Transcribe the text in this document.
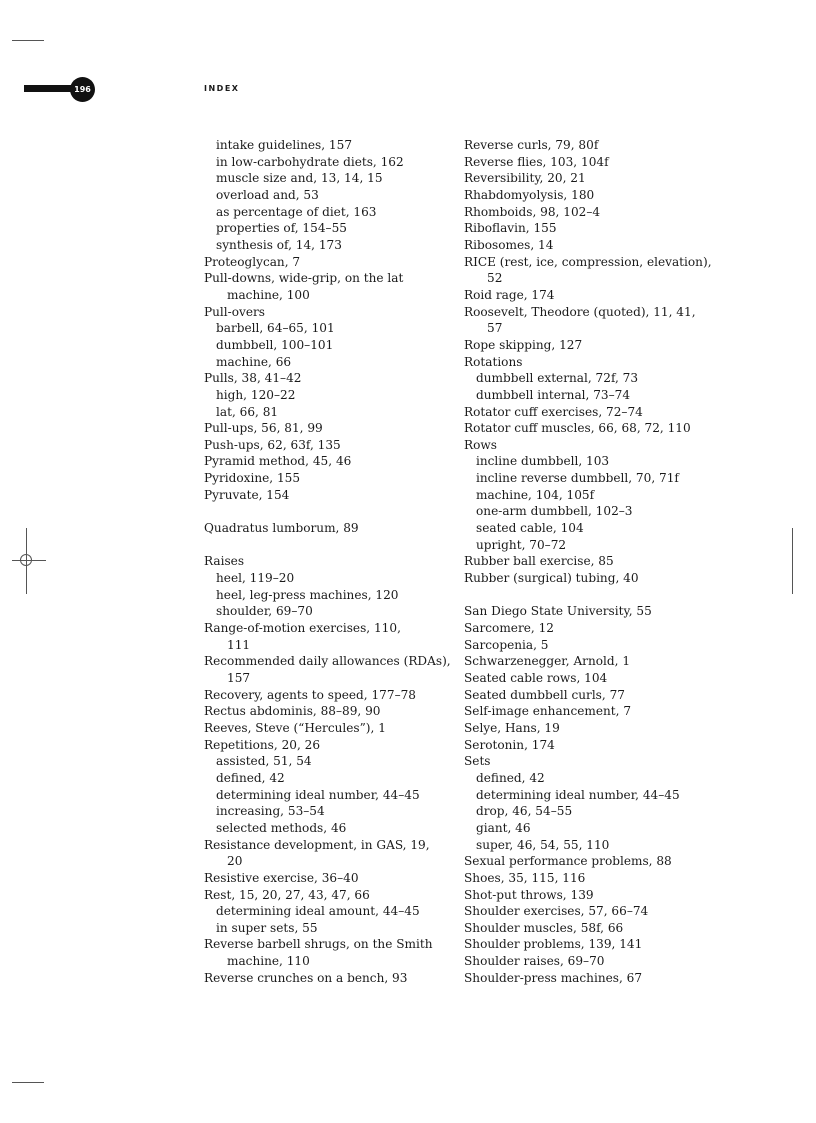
196	INDEX
intake guidelines, 157
in low-carbohydrate diets, 162
muscle size and, 13, 14, 15
overload and, 53
as percentage of diet, 163
properties of, 154–55
synthesis of, 14, 173
Proteoglycan, 7
Pull-downs, wide-grip, on the lat
machine, 100
Pull-overs
barbell, 64–65, 101
dumbbell, 100–101
machine, 66
Pulls, 38, 41–42
high, 120–22
lat, 66, 81
Pull-ups, 56, 81, 99
Push-ups, 62, 63f, 135
Pyramid method, 45, 46
Pyridoxine, 155
Pyruvate, 154
Quadratus lumborum, 89
Raises
heel, 119–20
heel, leg-press machines, 120
shoulder, 69–70
Range-of-motion exercises, 110,
111
Recommended daily allowances (RDAs),
157
Recovery, agents to speed, 177–78
Rectus abdominis, 88–89, 90
Reeves, Steve (“Hercules”), 1
Repetitions, 20, 26
assisted, 51, 54
defined, 42
determining ideal number, 44–45
increasing, 53–54
selected methods, 46
Resistance development, in GAS, 19,
20
Resistive exercise, 36–40
Rest, 15, 20, 27, 43, 47, 66
determining ideal amount, 44–45
in super sets, 55
Reverse barbell shrugs, on the Smith
machine, 110
Reverse crunches on a bench, 93
Reverse curls, 79, 80f
Reverse flies, 103, 104f
Reversibility, 20, 21
Rhabdomyolysis, 180
Rhomboids, 98, 102–4
Riboflavin, 155
Ribosomes, 14
RICE (rest, ice, compression, elevation),
52
Roid rage, 174
Roosevelt, Theodore (quoted), 11, 41,
57
Rope skipping, 127
Rotations
dumbbell external, 72f, 73
dumbbell internal, 73–74
Rotator cuff exercises, 72–74
Rotator cuff muscles, 66, 68, 72, 110
Rows
incline dumbbell, 103
incline reverse dumbbell, 70, 71f
machine, 104, 105f
one-arm dumbbell, 102–3
seated cable, 104
upright, 70–72
Rubber ball exercise, 85
Rubber (surgical) tubing, 40
San Diego State University, 55
Sarcomere, 12
Sarcopenia, 5
Schwarzenegger, Arnold, 1
Seated cable rows, 104
Seated dumbbell curls, 77
Self-image enhancement, 7
Selye, Hans, 19
Serotonin, 174
Sets
defined, 42
determining ideal number, 44–45
drop, 46, 54–55
giant, 46
super, 46, 54, 55, 110
Sexual performance problems, 88
Shoes, 35, 115, 116
Shot-put throws, 139
Shoulder exercises, 57, 66–74
Shoulder muscles, 58f, 66
Shoulder problems, 139, 141
Shoulder raises, 69–70
Shoulder-press machines, 67
